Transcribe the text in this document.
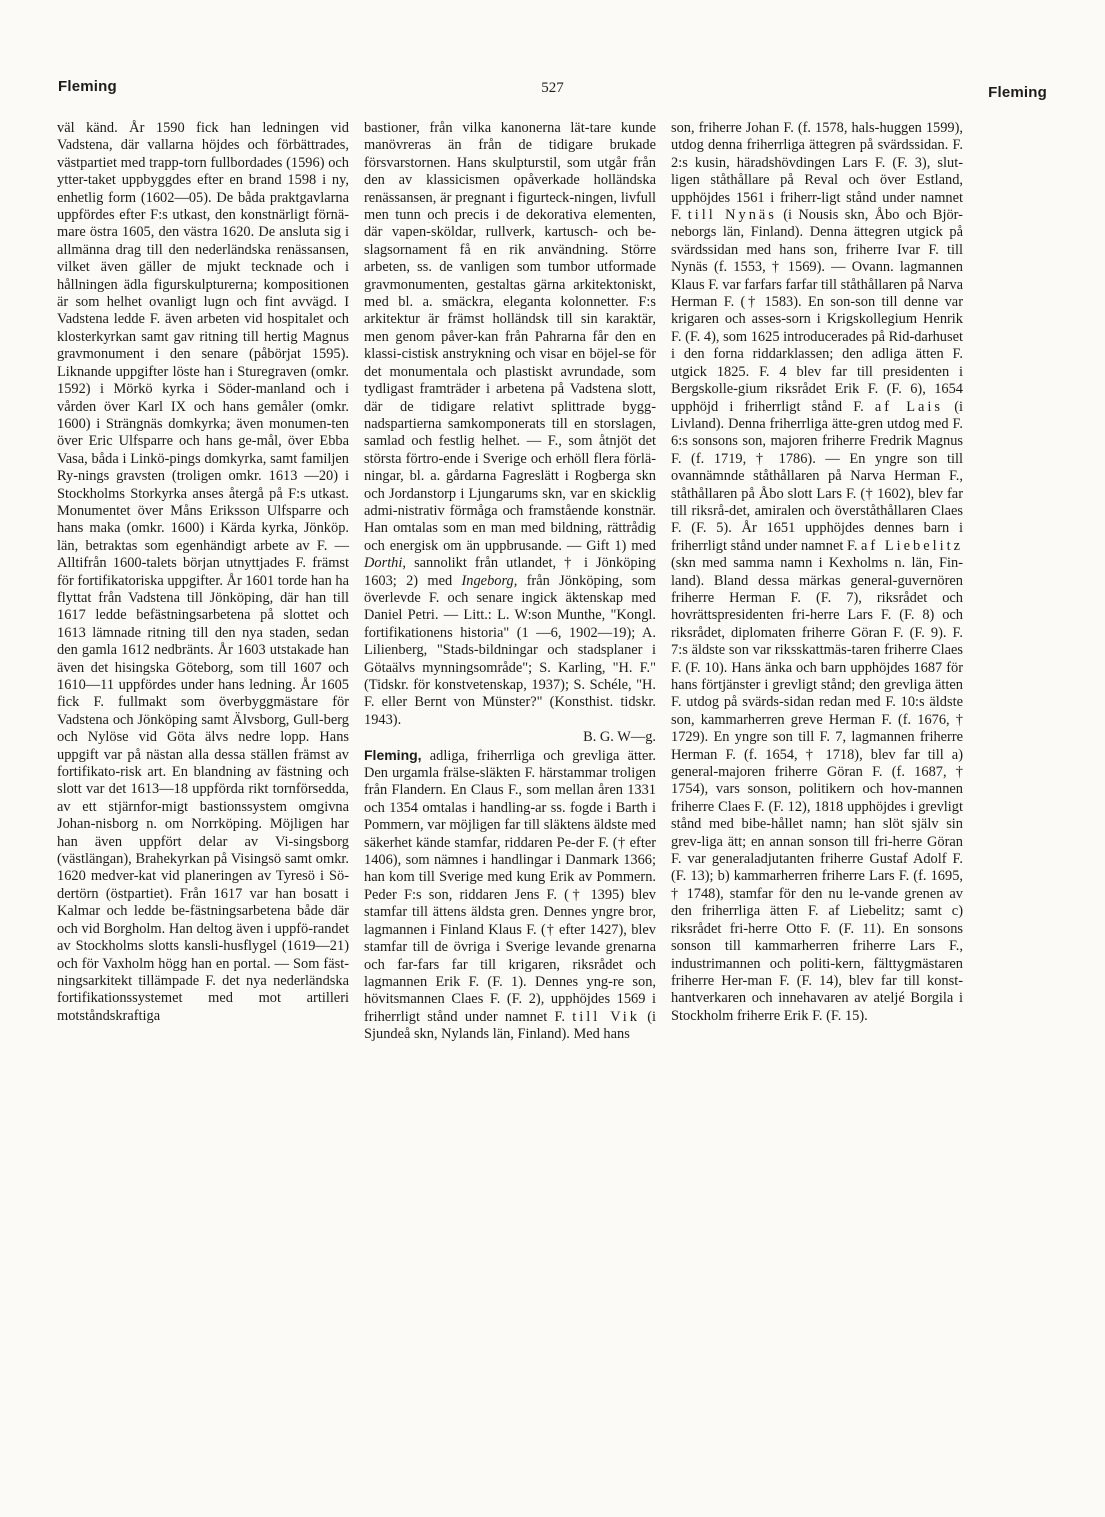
Fleming	527	Fleming

väl känd. År 1590 fick han ledningen vid Vadstena, där vallarna höjdes och förbättrades, västpartiet med trapp-torn fullbordades (1596) och ytter-taket uppbyggdes efter en brand 1598 i ny, enhetlig form (1602—05). De båda praktgavlarna uppfördes efter F:s utkast, den konstnärligt förnä-mare östra 1605, den västra 1620. De ansluta sig i allmänna drag till den nederländska renässansen, vilket även gäller de mjukt tecknade och i hållningen ädla figurskulpturerna; kompositionen är som helhet ovanligt lugn och fint avvägd. I Vadstena ledde F. även arbeten vid hospitalet och klosterkyrkan samt gav ritning till hertig Magnus gravmonument i den senare (påbörjat 1595). Liknande uppgifter löste han i Sturegraven (omkr. 1592) i Mörkö kyrka i Söder-manland och i vården över Karl IX och hans gemåler (omkr. 1600) i Strängnäs domkyrka; även monumen-ten över Eric Ulfsparre och hans ge-mål, över Ebba Vasa, båda i Linkö-pings domkyrka, samt familjen Ry-nings gravsten (troligen omkr. 1613 —20) i Stockholms Storkyrka anses återgå på F:s utkast. Monumentet över Måns Eriksson Ulfsparre och hans maka (omkr. 1600) i Kärda kyrka, Jönköp. län, betraktas som egenhändigt arbete av F. — Alltifrån 1600-talets början utnyttjades F. främst för fortifikatoriska uppgifter. År 1601 torde han ha flyttat från Vadstena till Jönköping, där han till 1617 ledde befästningsarbetena på slottet och 1613 lämnade ritning till den nya staden, sedan den gamla 1612 nedbränts. År 1603 utstakade han även det hisingska Göteborg, som till 1607 och 1610—11 uppfördes under hans ledning. År 1605 fick F. fullmakt som överbyggmästare för Vadstena och Jönköping samt Älvsborg, Gull-berg och Nylöse vid Göta älvs nedre lopp. Hans uppgift var på nästan alla dessa ställen främst av fortifikato-risk art. En blandning av fästning och slott var det 1613—18 uppförda rikt tornförsedda, av ett stjärnfor-migt bastionssystem omgivna Johan-nisborg n. om Norrköping. Möjligen har han även uppfört delar av Vi-singsborg (västlängan), Brahekyrkan på Visingsö samt omkr. 1620 medver-kat vid planeringen av Tyresö i Sö-dertörn (östpartiet). Från 1617 var han bosatt i Kalmar och ledde be-fästningsarbetena både där och vid Borgholm. Han deltog även i uppfö-randet av Stockholms slotts kansli-husflygel (1619—21) och för Vaxholm högg han en portal. — Som fäst-ningsarkitekt tillämpade F. det nya nederländska fortifikationssystemet med mot artilleri motståndskraftiga

bastioner, från vilka kanonerna lät-tare kunde manövreras än från de tidigare brukade försvarstornen. Hans skulpturstil, som utgår från den av klassicismen opåverkade holländska renässansen, är pregnant i figurteck-ningen, livfull men tunn och precis i de dekorativa elementen, där vapen-sköldar, rullverk, kartusch- och be-slagsornament få en rik användning. Större arbeten, ss. de vanligen som tumbor utformade gravmonumenten, gestaltas gärna arkitektoniskt, med bl. a. smäckra, eleganta kolonnetter. F:s arkitektur är främst holländsk till sin karaktär, men genom påver-kan från Pahrarna får den en klassi-cistisk anstrykning och visar en böjel-se för det monumentala och plastiskt avrundade, som tydligast framträder i arbetena på Vadstena slott, där de tidigare relativt splittrade bygg-nadspartierna samkomponerats till en storslagen, samlad och festlig helhet. — F., som åtnjöt det största förtro-ende i Sverige och erhöll flera förlä-ningar, bl. a. gårdarna Fagreslätt i Rogberga skn och Jordanstorp i Ljungarums skn, var en skicklig admi-nistrativ förmåga och framstående konstnär. Han omtalas som en man med bildning, rättrådig och energisk om än uppbrusande. — Gift 1) med Dorthi, sannolikt från utlandet, † i Jönköping 1603; 2) med Ingeborg, från Jönköping, som överlevde F. och senare ingick äktenskap med Daniel Petri. — Litt.: L. W:son Munthe, "Kongl. fortifikationens historia" (1 —6, 1902—19); A. Lilienberg, "Stads-bildningar och stadsplaner i Götaälvs mynningsområde"; S. Karling, "H. F." (Tidskr. för konstvetenskap, 1937); S. Schéle, "H. F. eller Bernt von Münster?" (Konsthist. tidskr. 1943).

B. G. W—g.

Fleming, adliga, friherrliga och grevliga ätter. Den urgamla frälse-släkten F. härstammar troligen från Flandern. En Claus F., som mellan åren 1331 och 1354 omtalas i handling-ar ss. fogde i Barth i Pommern, var möjligen far till släktens äldste med säkerhet kände stamfar, riddaren Pe-der F. († efter 1406), som nämnes i handlingar i Danmark 1366; han kom till Sverige med kung Erik av Pommern. Peder F:s son, riddaren Jens F. († 1395) blev stamfar till ättens äldsta gren. Dennes yngre bror, lagmannen i Finland Klaus F. († efter 1427), blev stamfar till de övriga i Sverige levande grenarna och far-fars far till krigaren, riksrådet och lagmannen Erik F. (F. 1). Dennes yng-re son, hövitsmannen Claes F. (F. 2), upphöjdes 1569 i friherrligt stånd under namnet F. till Vik (i Sjundeå skn, Nylands län, Finland). Med hans

son, friherre Johan F. (f. 1578, hals-huggen 1599), utdog denna friherrliga ättegren på svärdssidan. F. 2:s kusin, häradshövdingen Lars F. (F. 3), slut-ligen ståthållare på Reval och över Estland, upphöjdes 1561 i friherr-ligt stånd under namnet F. till Nynäs (i Nousis skn, Åbo och Björ-neborgs län, Finland). Denna ättegren utgick på svärdssidan med hans son, friherre Ivar F. till Nynäs (f. 1553, † 1569). — Ovann. lagmannen Klaus F. var farfars farfar till ståthållaren på Narva Herman F. († 1583). En son-son till denne var krigaren och asses-sorn i Krigskollegium Henrik F. (F. 4), som 1625 introducerades på Rid-darhuset i den forna riddarklassen; den adliga ätten F. utgick 1825. F. 4 blev far till presidenten i Bergskolle-gium riksrådet Erik F. (F. 6), 1654 upphöjd i friherrligt stånd F. af Lais (i Livland). Denna friherrliga ätte-gren utdog med F. 6:s sonsons son, majoren friherre Fredrik Magnus F. (f. 1719, † 1786). — En yngre son till ovannämnde ståthållaren på Narva Herman F., ståthållaren på Åbo slott Lars F. († 1602), blev far till riksrå-det, amiralen och överståthållaren Claes F. (F. 5). År 1651 upphöjdes dennes barn i friherrligt stånd under namnet F. af Liebelitz (skn med samma namn i Kexholms n. län, Fin-land). Bland dessa märkas general-guvernören friherre Herman F. (F. 7), riksrådet och hovrättspresidenten fri-herre Lars F. (F. 8) och riksrådet, diplomaten friherre Göran F. (F. 9). F. 7:s äldste son var riksskattmäs-taren friherre Claes F. (F. 10). Hans änka och barn upphöjdes 1687 för hans förtjänster i grevligt stånd; den grevliga ätten F. utdog på svärds-sidan redan med F. 10:s äldste son, kammarherren greve Herman F. (f. 1676, † 1729). En yngre son till F. 7, lagmannen friherre Herman F. (f. 1654, † 1718), blev far till a) general-majoren friherre Göran F. (f. 1687, † 1754), vars sonson, politikern och hov-mannen friherre Claes F. (F. 12), 1818 upphöjdes i grevligt stånd med bibe-hållet namn; han slöt själv sin grev-liga ätt; en annan sonson till fri-herre Göran F. var generaladjutanten friherre Gustaf Adolf F. (F. 13); b) kammarherren friherre Lars F. (f. 1695, † 1748), stamfar för den nu le-vande grenen av den friherrliga ätten F. af Liebelitz; samt c) riksrådet fri-herre Otto F. (F. 11). En sonsons sonson till kammarherren friherre Lars F., industrimannen och politi-kern, fälttygmästaren friherre Her-man F. (F. 14), blev far till konst-hantverkaren och innehavaren av ateljé Borgila i Stockholm friherre Erik F. (F. 15).
